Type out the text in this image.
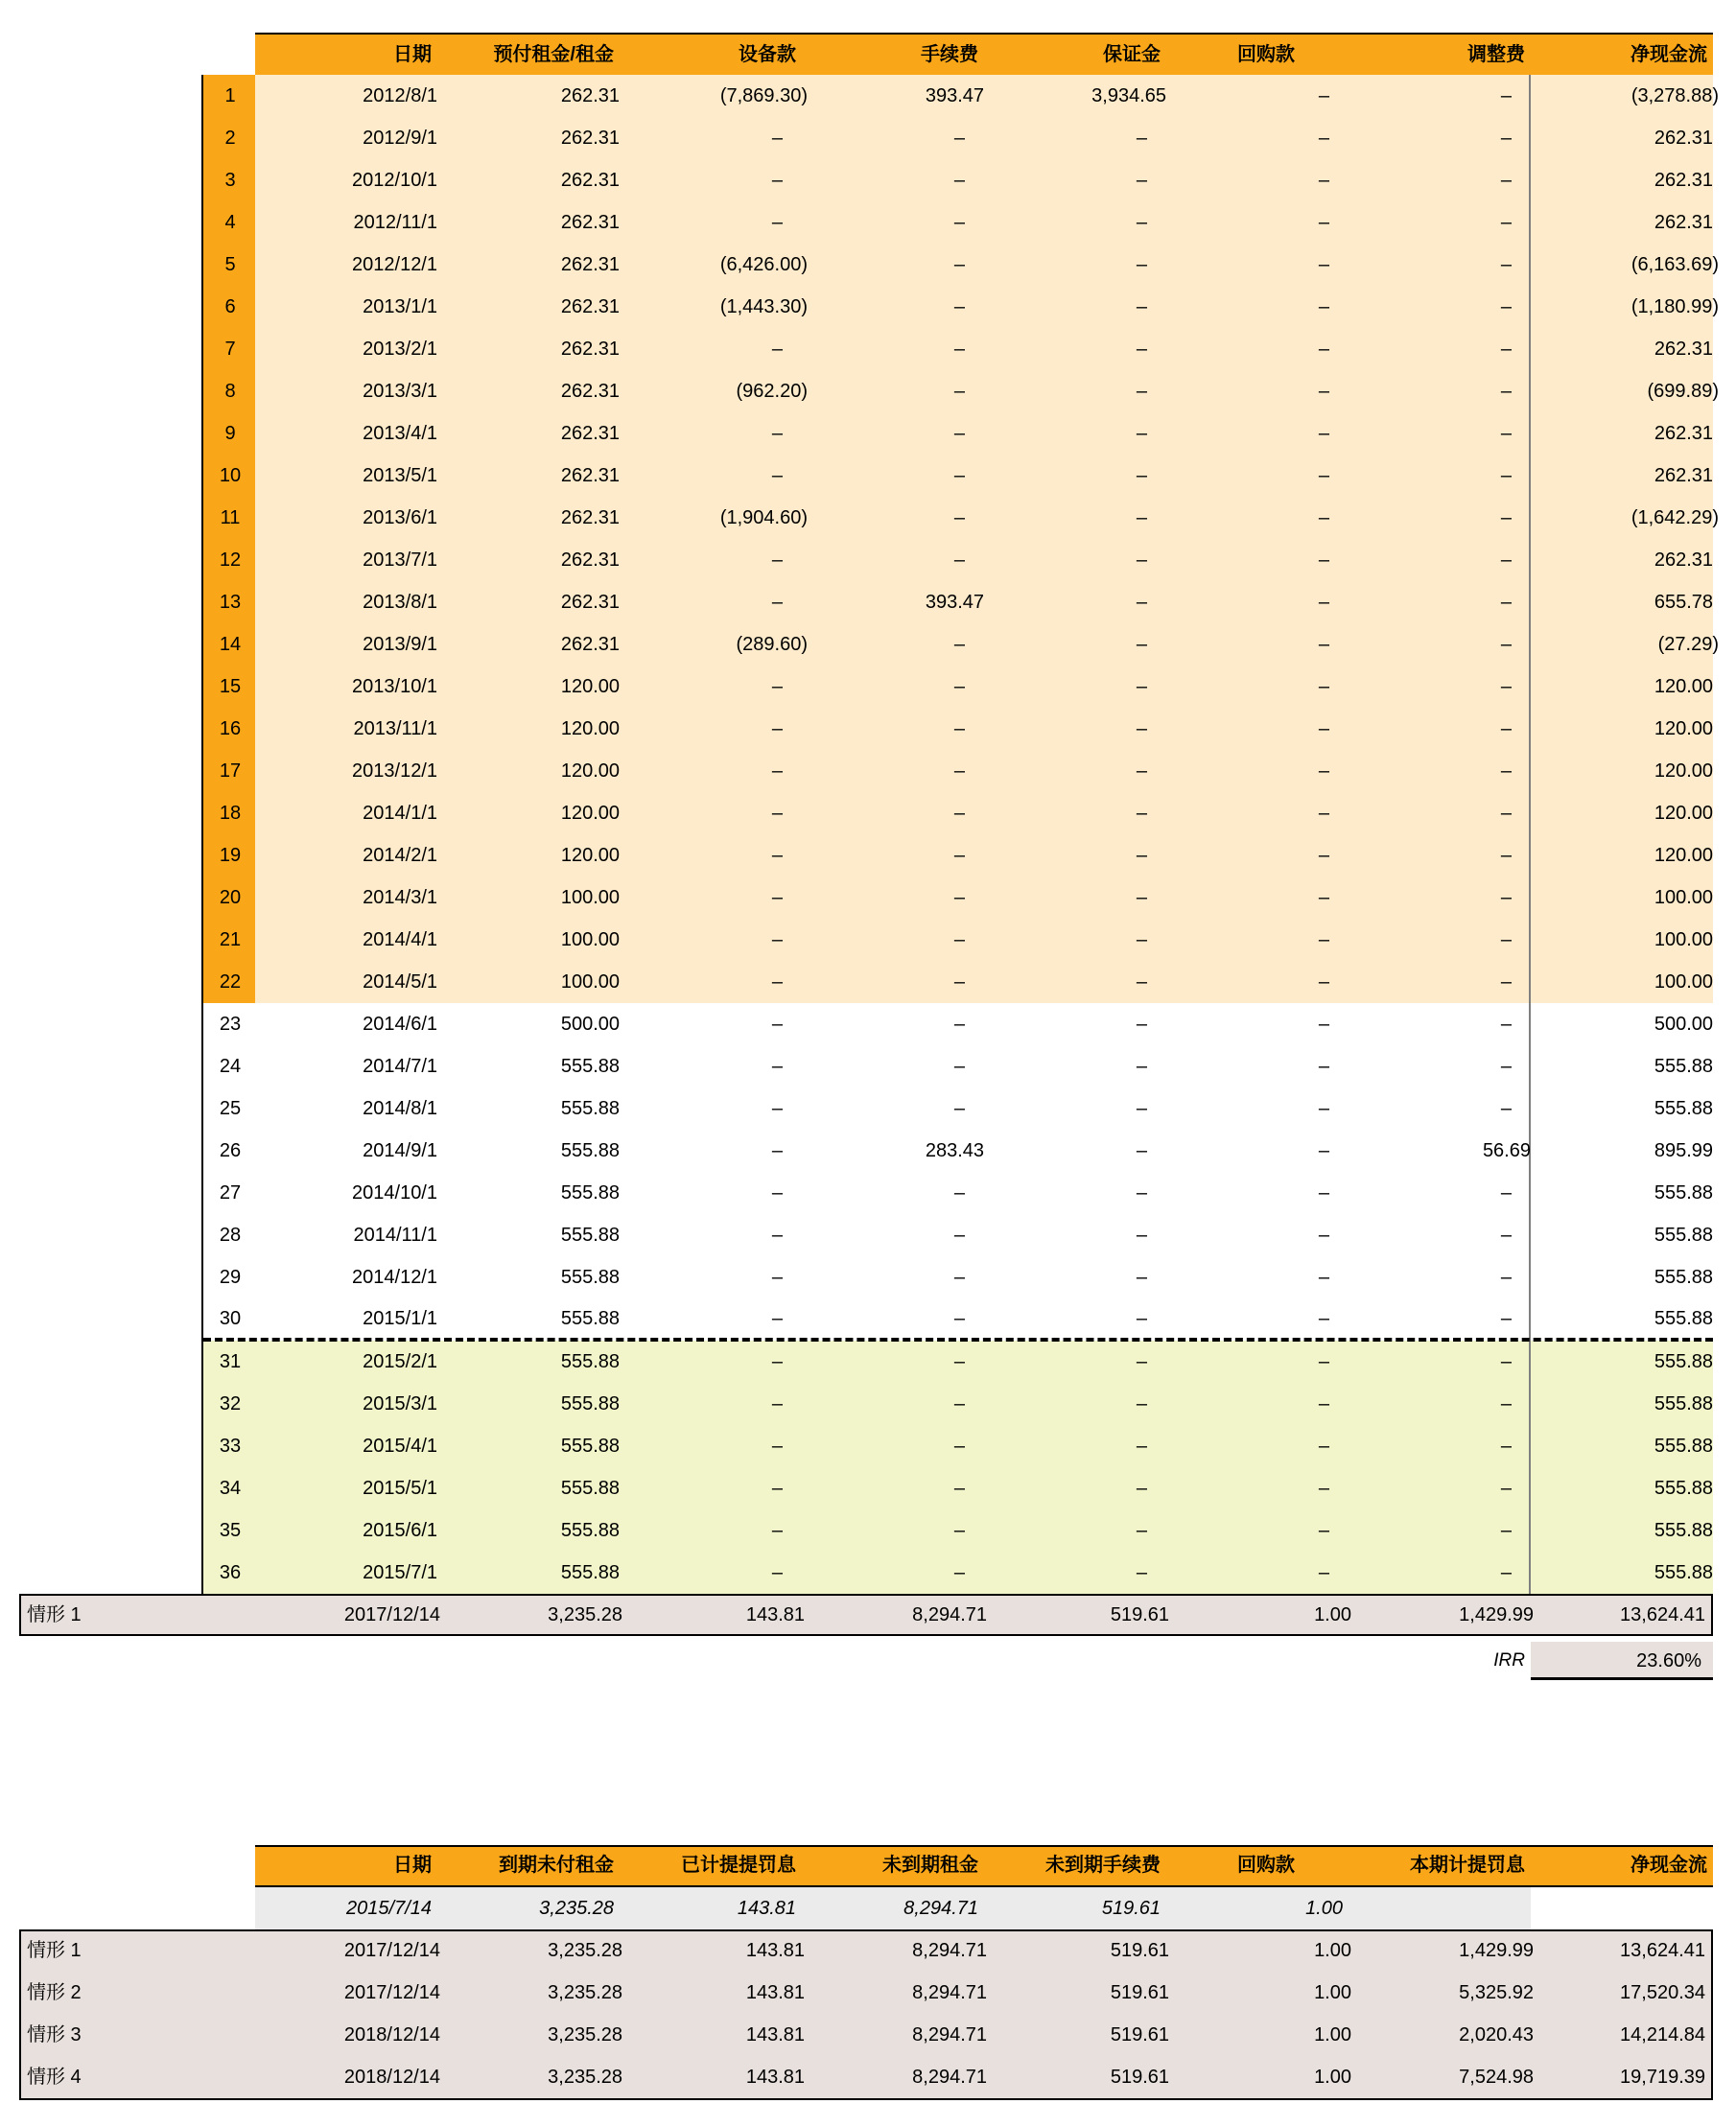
日期	预付租金/租金	设备款	手续费	保证金	回购款	调整费	净现金流
1	2012/8/1	262.31	(7,869.30)	393.47	3,934.65	–	–	(3,278.88)
2	2012/9/1	262.31	–	–	–	–	–	262.31
3	2012/10/1	262.31	–	–	–	–	–	262.31
4	2012/11/1	262.31	–	–	–	–	–	262.31
5	2012/12/1	262.31	(6,426.00)	–	–	–	–	(6,163.69)
6	2013/1/1	262.31	(1,443.30)	–	–	–	–	(1,180.99)
7	2013/2/1	262.31	–	–	–	–	–	262.31
8	2013/3/1	262.31	(962.20)	–	–	–	–	(699.89)
9	2013/4/1	262.31	–	–	–	–	–	262.31
10	2013/5/1	262.31	–	–	–	–	–	262.31
11	2013/6/1	262.31	(1,904.60)	–	–	–	–	(1,642.29)
12	2013/7/1	262.31	–	–	–	–	–	262.31
13	2013/8/1	262.31	–	393.47	–	–	–	655.78
14	2013/9/1	262.31	(289.60)	–	–	–	–	(27.29)
15	2013/10/1	120.00	–	–	–	–	–	120.00
16	2013/11/1	120.00	–	–	–	–	–	120.00
17	2013/12/1	120.00	–	–	–	–	–	120.00
18	2014/1/1	120.00	–	–	–	–	–	120.00
19	2014/2/1	120.00	–	–	–	–	–	120.00
20	2014/3/1	100.00	–	–	–	–	–	100.00
21	2014/4/1	100.00	–	–	–	–	–	100.00
22	2014/5/1	100.00	–	–	–	–	–	100.00
23	2014/6/1	500.00	–	–	–	–	–	500.00
24	2014/7/1	555.88	–	–	–	–	–	555.88
25	2014/8/1	555.88	–	–	–	–	–	555.88
26	2014/9/1	555.88	–	283.43	–	–	56.69	895.99
27	2014/10/1	555.88	–	–	–	–	–	555.88
28	2014/11/1	555.88	–	–	–	–	–	555.88
29	2014/12/1	555.88	–	–	–	–	–	555.88
30	2015/1/1	555.88	–	–	–	–	–	555.88
31	2015/2/1	555.88	–	–	–	–	–	555.88
32	2015/3/1	555.88	–	–	–	–	–	555.88
33	2015/4/1	555.88	–	–	–	–	–	555.88
34	2015/5/1	555.88	–	–	–	–	–	555.88
35	2015/6/1	555.88	–	–	–	–	–	555.88
36	2015/7/1	555.88	–	–	–	–	–	555.88
情形 1	2017/12/14	3,235.28	143.81	8,294.71	519.61	1.00	1,429.99	13,624.41
IRR	23.60%
日期	到期未付租金	已计提提罚息	未到期租金	未到期手续费	回购款	本期计提罚息	净现金流
2015/7/14	3,235.28	143.81	8,294.71	519.61	1.00
情形 1	2017/12/14	3,235.28	143.81	8,294.71	519.61	1.00	1,429.99	13,624.41
情形 2	2017/12/14	3,235.28	143.81	8,294.71	519.61	1.00	5,325.92	17,520.34
情形 3	2018/12/14	3,235.28	143.81	8,294.71	519.61	1.00	2,020.43	14,214.84
情形 4	2018/12/14	3,235.28	143.81	8,294.71	519.61	1.00	7,524.98	19,719.39
